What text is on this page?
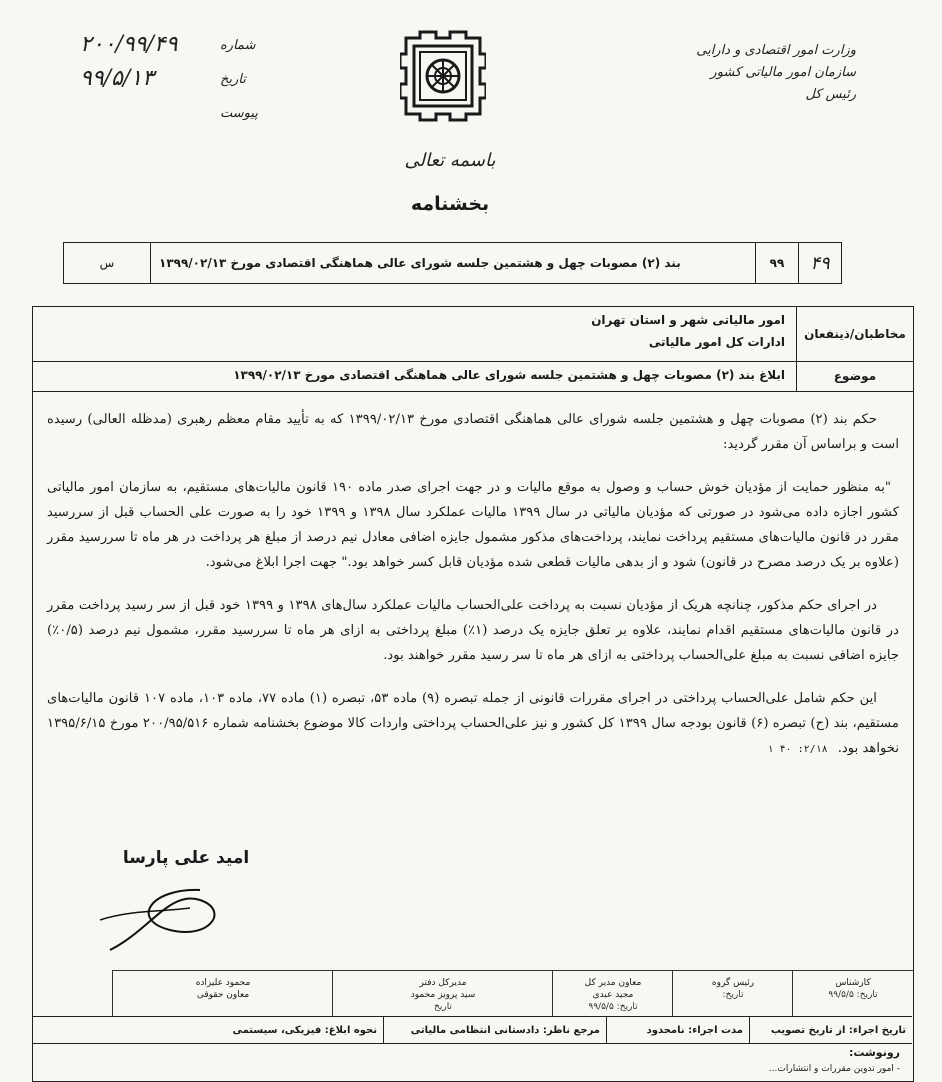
وزارت امور اقتصادی و دارایی
سازمان امور مالیاتی کشور
رئیس کل
شماره
۲۰۰/۹۹/۴۹
تاریخ
۹۹/۵/۱۳
پیوست
باسمه تعالی
بخشنامه
۴۹
۹۹
بند (۲) مصوبات چهل و هشتمین جلسه شورای عالی هماهنگی اقتصادی مورخ ۱۳۹۹/۰۲/۱۳
س
مخاطبان/ذینفعان
امور مالیاتی شهر و استان تهران
ادارات کل امور مالیاتی
موضوع
ابلاغ بند (۲) مصوبات چهل و هشتمین جلسه شورای عالی هماهنگی اقتصادی مورخ ۱۳۹۹/۰۲/۱۳

حکم بند (۲) مصوبات چهل و هشتمین جلسه شورای عالی هماهنگی اقتصادی مورخ ۱۳۹۹/۰۲/۱۳ که به تأیید مقام معظم رهبری (مدظله العالی) رسیده است و براساس آن مقرر گردید:

"به منظور حمایت از مؤدیان خوش حساب و وصول به موقع مالیات و در جهت اجرای صدر ماده ۱۹۰ قانون مالیات‌های مستقیم، به سازمان امور مالیاتی کشور اجازه داده می‌شود در صورتی که مؤدیان مالیاتی در سال ۱۳۹۹ مالیات عملکرد سال ۱۳۹۸ و ۱۳۹۹ خود را به صورت علی الحساب قبل از سررسید مقرر در قانون مالیات‌های مستقیم پرداخت نمایند، پرداخت‌های مذکور مشمول جایزه اضافی معادل نیم درصد از مبلغ هر پرداخت در هر ماه تا سررسید مقرر (علاوه بر یک درصد مصرح در قانون) شود و از بدهی مالیات قطعی شده مؤدیان قابل کسر خواهد بود." جهت اجرا ابلاغ می‌شود.

در اجرای حکم مذکور، چنانچه هریک از مؤدیان نسبت به پرداخت علی‌الحساب مالیات عملکرد سال‌های ۱۳۹۸ و ۱۳۹۹ خود قبل از سر رسید پرداخت مقرر در قانون مالیات‌های مستقیم اقدام نمایند، علاوه بر تعلق جایزه یک درصد (۱٪) مبلغ پرداختی به ازای هر ماه تا سررسید مقرر، مشمول نیم درصد (۰/۵٪) جایزه اضافی نسبت به مبلغ علی‌الحساب پرداختی به ازای هر ماه تا سر رسید مقرر خواهند بود.

این حکم شامل علی‌الحساب پرداختی در اجرای مقررات قانونی از جمله تبصره (۹) ماده ۵۳، تبصره (۱) ماده ۷۷، ماده ۱۰۳، ماده ۱۰۷ قانون مالیات‌های مستقیم، بند (ح) تبصره (۶) قانون بودجه سال ۱۳۹۹ کل کشور و نیز علی‌الحساب پرداختی واردات کالا موضوع بخشنامه شماره ۲۰۰/۹۵/۵۱۶ مورخ ۱۳۹۵/۶/۱۵ نخواهد بود.۱ ۴۰ :۲/۱۸

امید علی پارسا
کارشناس
تاریخ: ۹۹/۵/۵
رئیس گروه
تاریخ:
معاون مدیر کل
مجید عبدی
تاریخ: ۹۹/۵/۵
مدیرکل دفتر
سید پرویز محمود
تاریخ
محمود علیزاده
معاون حقوقی
تاریخ اجراء: از تاریخ تصویب
مدت اجراء: نامحدود
مرجع ناظر: دادستانی انتظامی مالیاتی
نحوه ابلاغ: فیزیکی، سیستمی
رونوشت:
- امور تدوین مقررات و انتشارات...
